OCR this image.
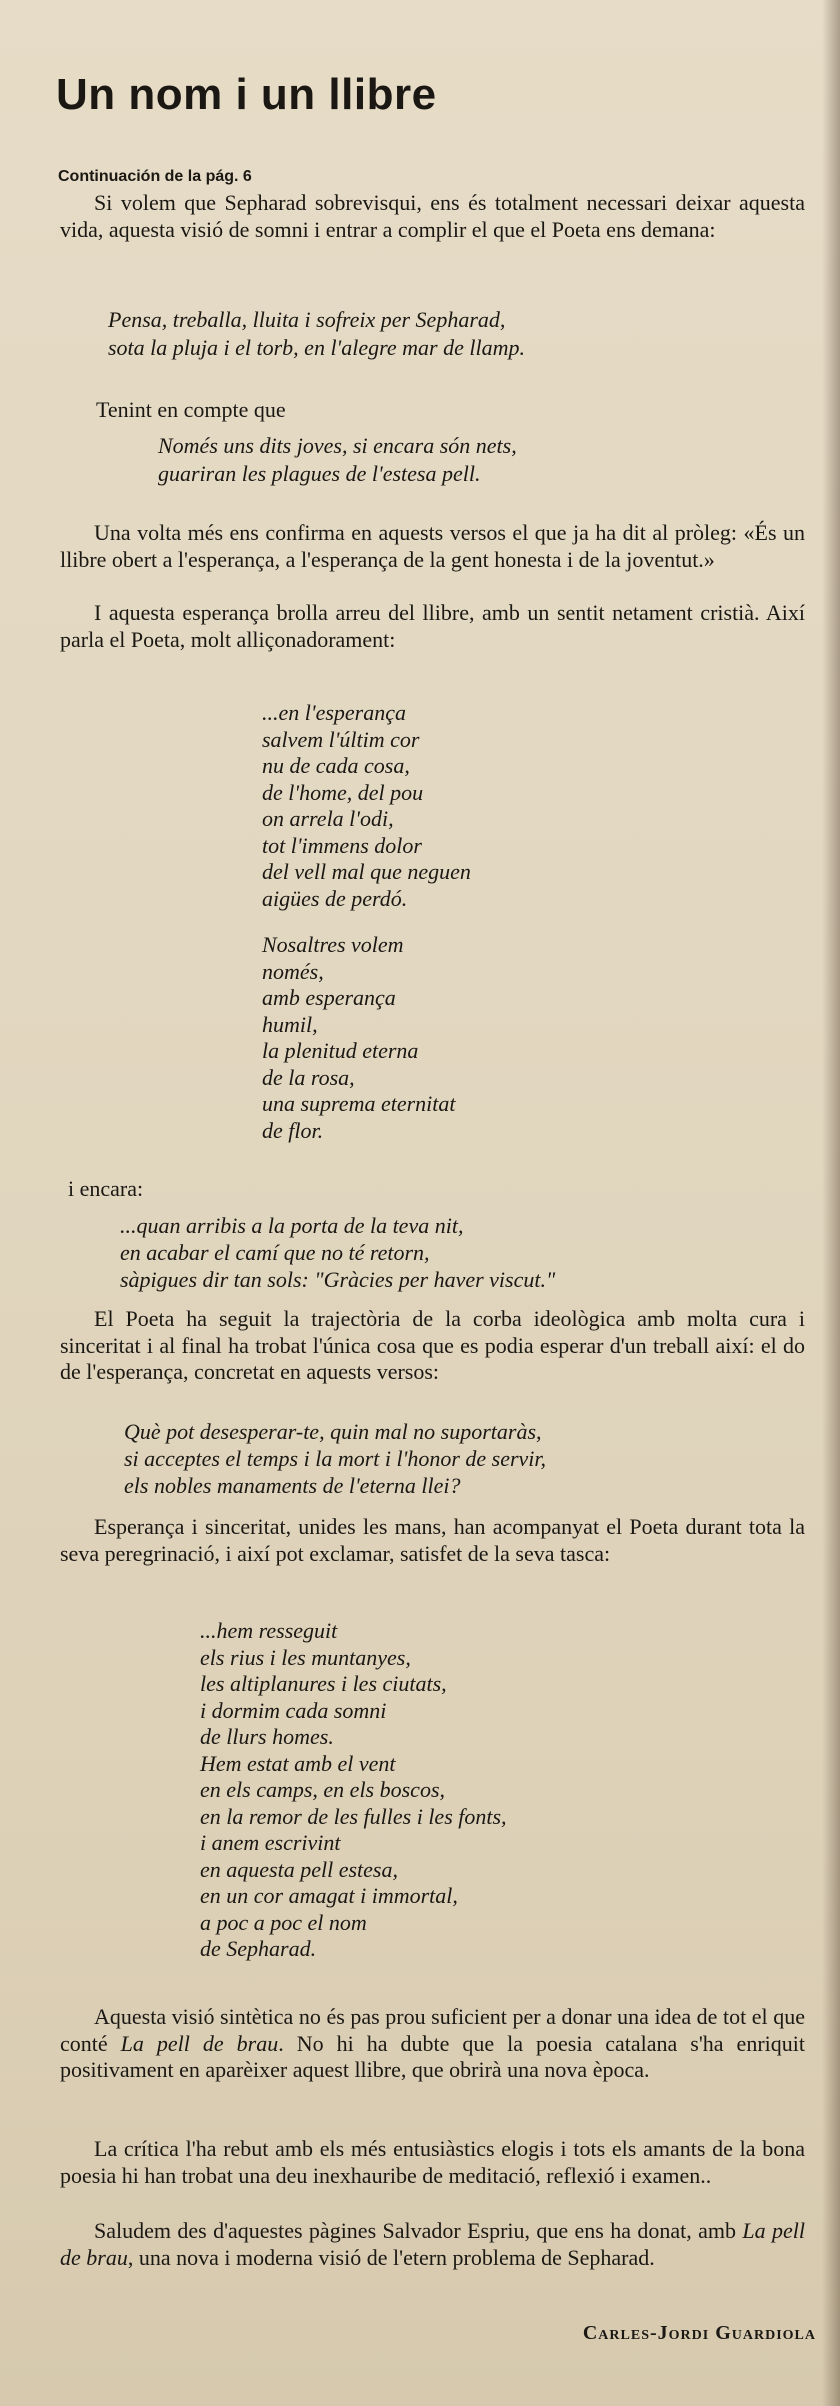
Un nom i un llibre

Continuación de la pág. 6

Si volem que Sepharad sobrevisqui, ens és totalment necessari deixar aquesta vida, aquesta visió de somni i entrar a complir el que el Poeta ens demana:

Pensa, treballa, lluita i sofreix per Sepharad,
sota la pluja i el torb, en l'alegre mar de llamp.

Tenint en compte que

Només uns dits joves, si encara són nets,
guariran les plagues de l'estesa pell.

Una volta més ens confirma en aquests versos el que ja ha dit al pròleg: «És un llibre obert a l'esperança, a l'esperança de la gent honesta i de la joventut.»

I aquesta esperança brolla arreu del llibre, amb un sentit netament cristià. Així parla el Poeta, molt alliçonadorament:

...en l'esperança
salvem l'últim cor
nu de cada cosa,
de l'home, del pou
on arrela l'odi,
tot l'immens dolor
del vell mal que neguen
aigües de perdó.
Nosaltres volem
només,
amb esperança
humil,
la plenitud eterna
de la rosa,
una suprema eternitat
de flor.

i encara:

...quan arribis a la porta de la teva nit,
en acabar el camí que no té retorn,
sàpigues dir tan sols: "Gràcies per haver viscut."

El Poeta ha seguit la trajectòria de la corba ideològica amb molta cura i sinceritat i al final ha trobat l'única cosa que es podia esperar d'un treball així: el do de l'esperança, concretat en aquests versos:

Què pot desesperar-te, quin mal no suportaràs,
si acceptes el temps i la mort i l'honor de servir,
els nobles manaments de l'eterna llei?

Esperança i sinceritat, unides les mans, han acompanyat el Poeta durant tota la seva peregrinació, i així pot exclamar, satisfet de la seva tasca:

...hem resseguit
els rius i les muntanyes,
les altiplanures i les ciutats,
i dormim cada somni
de llurs homes.
Hem estat amb el vent
en els camps, en els boscos,
en la remor de les fulles i les fonts,
i anem escrivint
en aquesta pell estesa,
en un cor amagat i immortal,
a poc a poc el nom
de Sepharad.

Aquesta visió sintètica no és pas prou suficient per a donar una idea de tot el que conté La pell de brau. No hi ha dubte que la poesia catalana s'ha enriquit positivament en aparèixer aquest llibre, que obrirà una nova època.

La crítica l'ha rebut amb els més entusiàstics elogis i tots els amants de la bona poesia hi han trobat una deu inexhauribe de meditació, reflexió i examen..

Saludem des d'aquestes pàgines Salvador Espriu, que ens ha donat, amb La pell de brau, una nova i moderna visió de l'etern problema de Sepharad.

Carles-Jordi Guardiola
